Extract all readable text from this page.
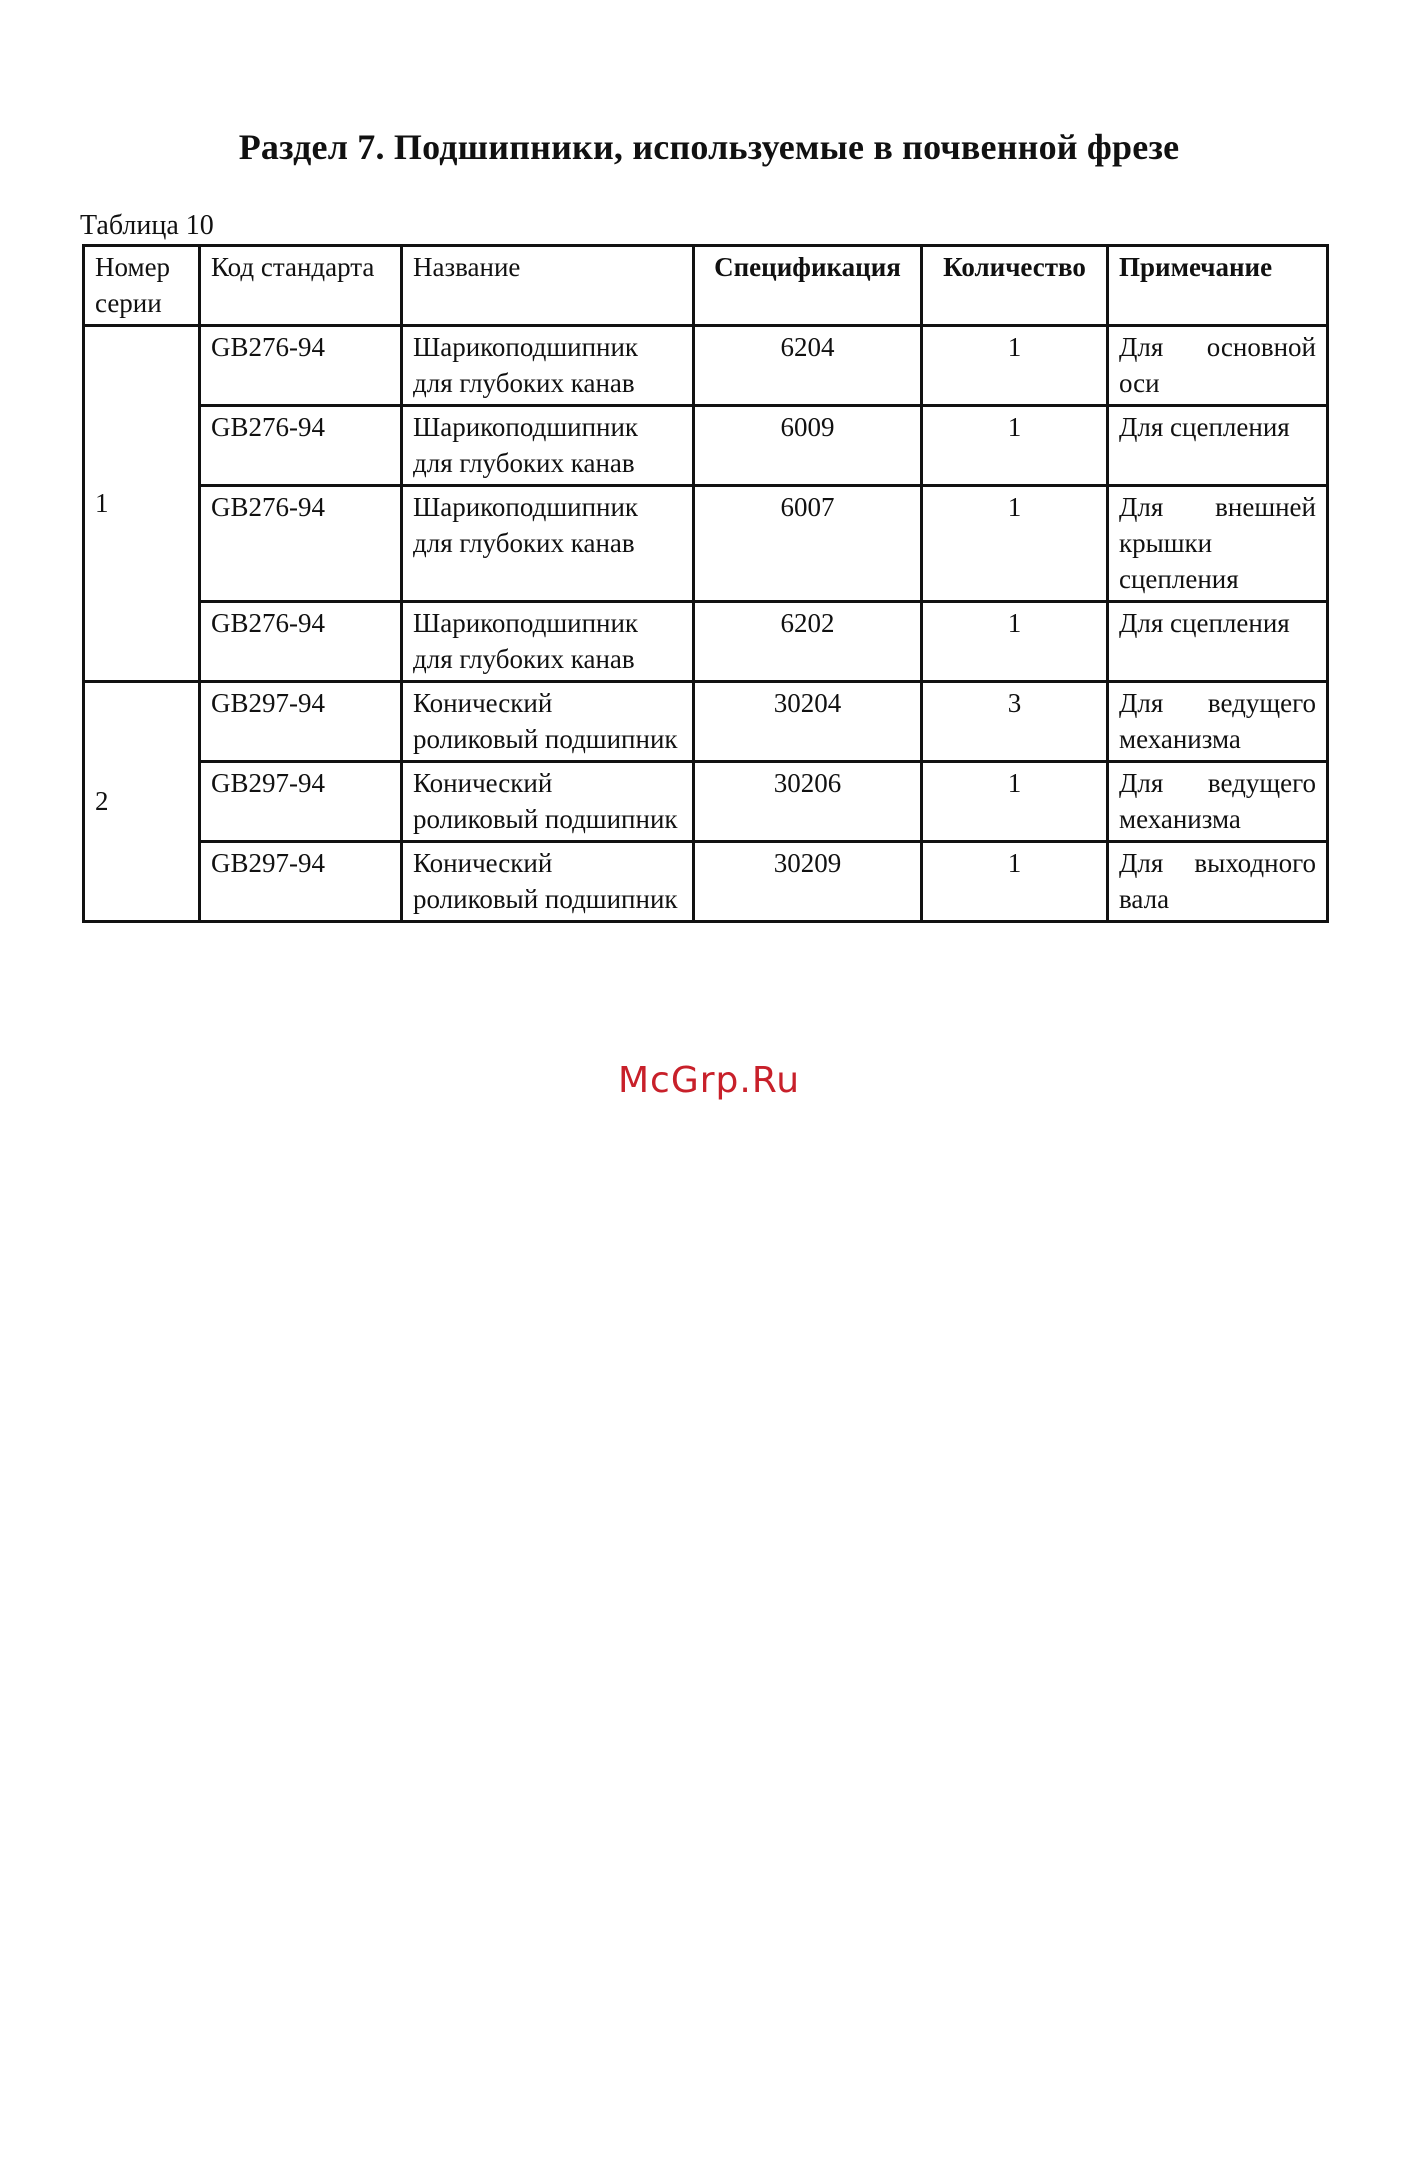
Раздел 7. Подшипники, используемые в почвенной фрезе
Таблица 10
Номер серии	Код стандарта	Название	Спецификация	Количество	Примечание
1	GB276-94	Шарикоподшипник для глубоких канав	6204	1	Для основной оси
	GB276-94	Шарикоподшипник для глубоких канав	6009	1	Для сцепления
	GB276-94	Шарикоподшипник для глубоких канав	6007	1	Для внешней крышки сцепления
	GB276-94	Шарикоподшипник для глубоких канав	6202	1	Для сцепления
2	GB297-94	Конический роликовый подшипник	30204	3	Для ведущего механизма
	GB297-94	Конический роликовый подшипник	30206	1	Для ведущего механизма
	GB297-94	Конический роликовый подшипник	30209	1	Для выходного вала
McGrp.Ru
